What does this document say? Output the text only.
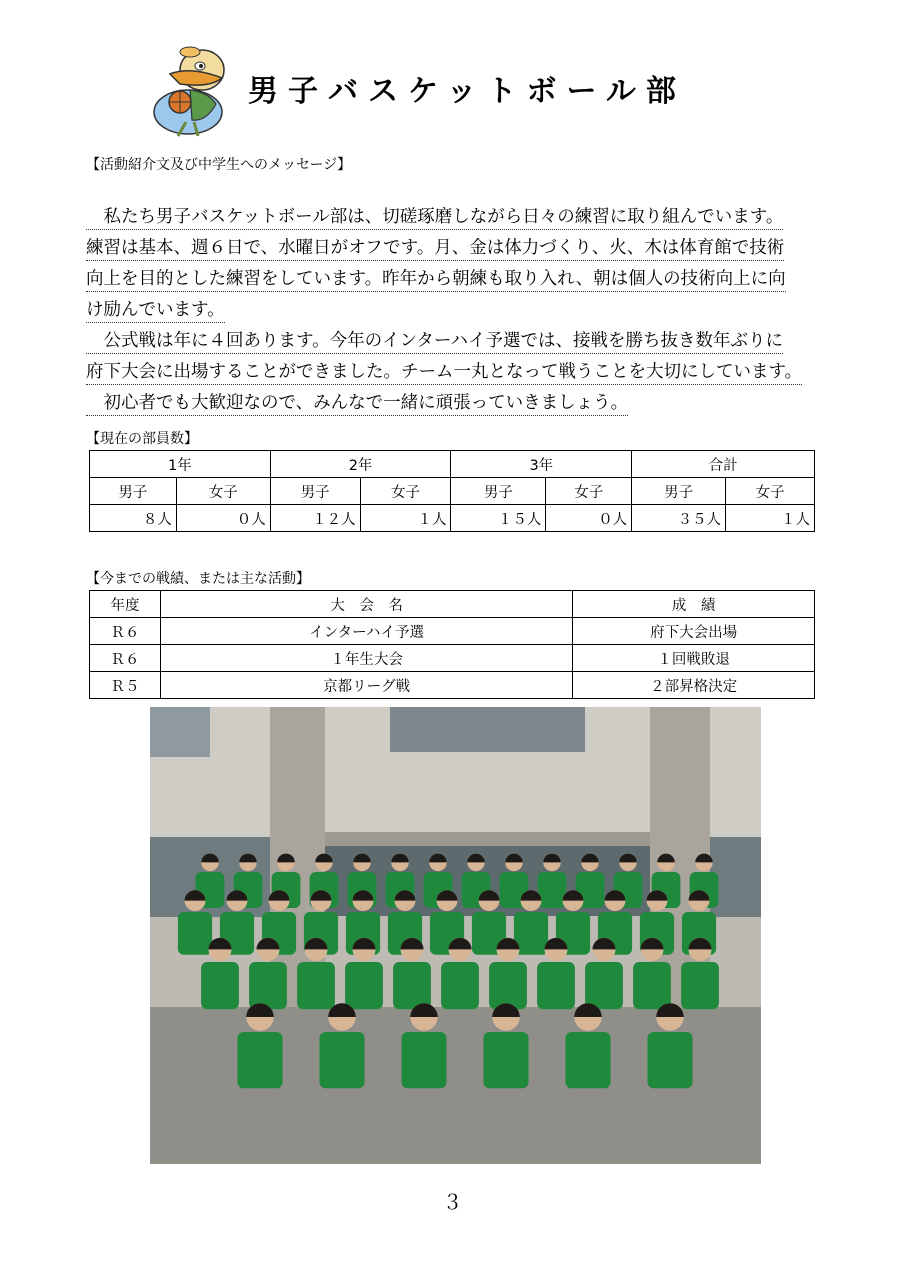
男子バスケットボール部
【活動紹介文及び中学生へのメッセージ】

　私たち男子バスケットボール部は、切磋琢磨しながら日々の練習に取り組んでいます。

練習は基本、週６日で、水曜日がオフです。月、金は体力づくり、火、木は体育館で技術

向上を目的とした練習をしています。昨年から朝練も取り入れ、朝は個人の技術向上に向

け励んでいます。

　公式戦は年に４回あります。今年のインターハイ予選では、接戦を勝ち抜き数年ぶりに

府下大会に出場することができました。チーム一丸となって戦うことを大切にしています。

　初心者でも大歓迎なので、みんなで一緒に頑張っていきましょう。

【現在の部員数】
1年		2年		3年		合計	
男子	女子	男子	女子	男子	女子	男子	女子
８人	０人	１２人	１人	１５人	０人	３５人	１人
【今までの戦績、または主な活動】
年度	大　会　名	成　績
Ｒ６	インターハイ予選	府下大会出場
Ｒ６	１年生大会	１回戦敗退
Ｒ５	京都リーグ戦	２部昇格決定
３
